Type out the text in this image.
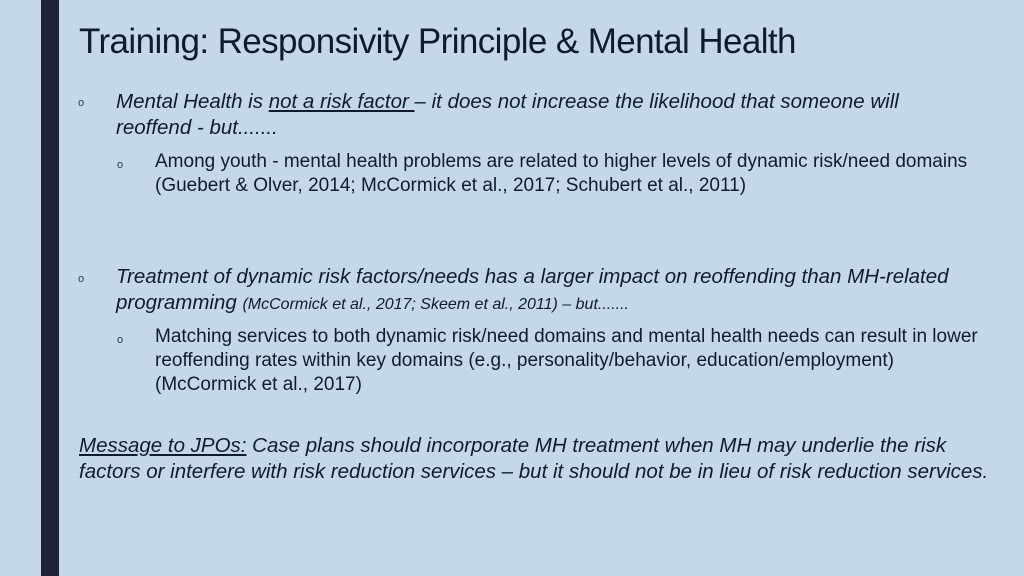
Training: Responsivity Principle & Mental Health
o Mental Health is not a risk factor – it does not increase the likelihood that someone will reoffend - but.......
o Among youth - mental health problems are related to higher levels of dynamic risk/need domains (Guebert & Olver, 2014; McCormick et al., 2017; Schubert et al., 2011)
o Treatment of dynamic risk factors/needs has a larger impact on reoffending than MH-related programming (McCormick et al., 2017; Skeem et al., 2011) – but.......
o Matching services to both dynamic risk/need domains and mental health needs can result in lower reoffending rates within key domains (e.g., personality/behavior, education/employment) (McCormick et al., 2017)
Message to JPOs: Case plans should incorporate MH treatment when MH may underlie the risk factors or interfere with risk reduction services – but it should not be in lieu of risk reduction services.
